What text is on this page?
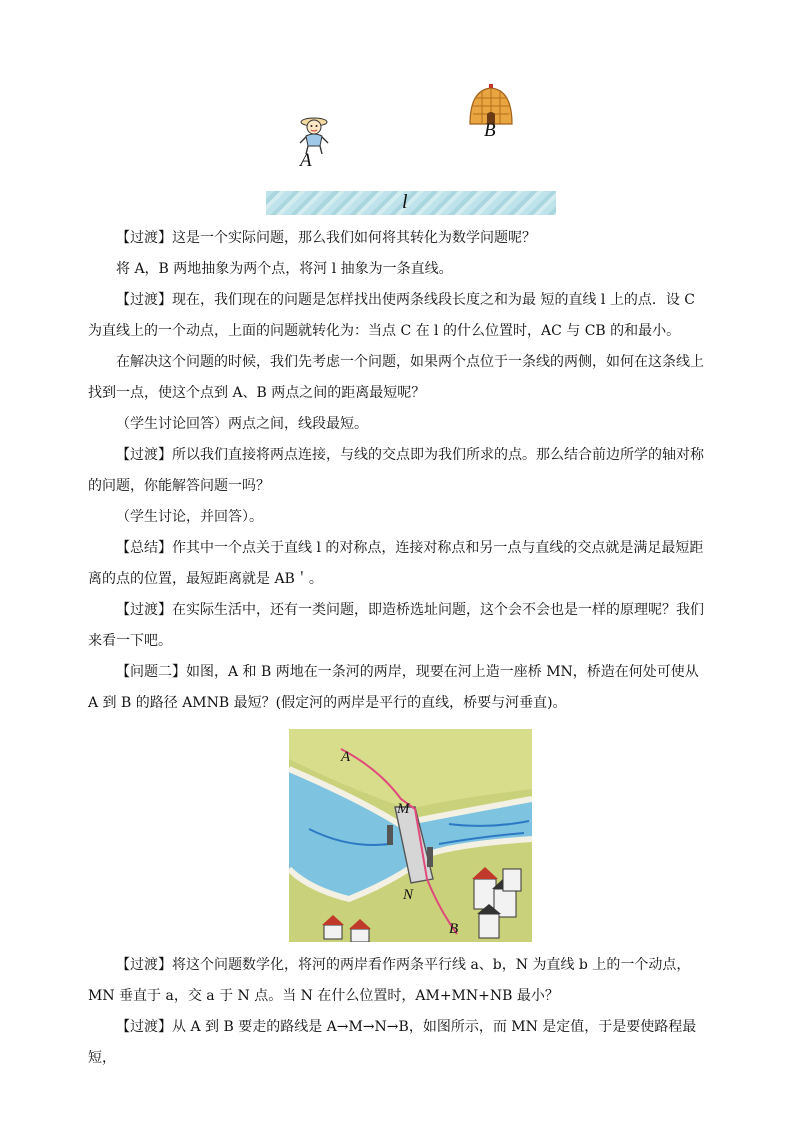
A
B
l

【过渡】这是一个实际问题，那么我们如何将其转化为数学问题呢？

将 A，B 两地抽象为两个点，将河 l 抽象为一条直线。

【过渡】现在，我们现在的问题是怎样找出使两条线段长度之和为最 短的直线 l 上的点．设 C 为直线上的一个动点，上面的问题就转化为：当点 C 在 l 的什么位置时，AC 与 CB 的和最小。

在解决这个问题的时候，我们先考虑一个问题，如果两个点位于一条线的两侧，如何在这条线上找到一点，使这个点到 A、B 两点之间的距离最短呢？

（学生讨论回答）两点之间，线段最短。

【过渡】所以我们直接将两点连接，与线的交点即为我们所求的点。那么结合前边所学的轴对称的问题，你能解答问题一吗？

（学生讨论，并回答）。

【总结】作其中一个点关于直线 l 的对称点，连接对称点和另一点与直线的交点就是满足最短距离的点的位置，最短距离就是 AB＇。

【过渡】在实际生活中，还有一类问题，即造桥选址问题，这个会不会也是一样的原理呢？我们来看一下吧。

【问题二】如图，A 和 B 两地在一条河的两岸，现要在河上造一座桥 MN，桥造在何处可使从 A 到 B 的路径 AMNB 最短？(假定河的两岸是平行的直线，桥要与河垂直)。

A
M
N
B

【过渡】将这个问题数学化，将河的两岸看作两条平行线 a、b，N 为直线 b 上的一个动点，MN 垂直于 a，交 a 于 N 点。当 N 在什么位置时，AM+MN+NB 最小？

【过渡】从 A 到 B 要走的路线是 A→M→N→B，如图所示，而 MN 是定值，于是要使路程最短，
